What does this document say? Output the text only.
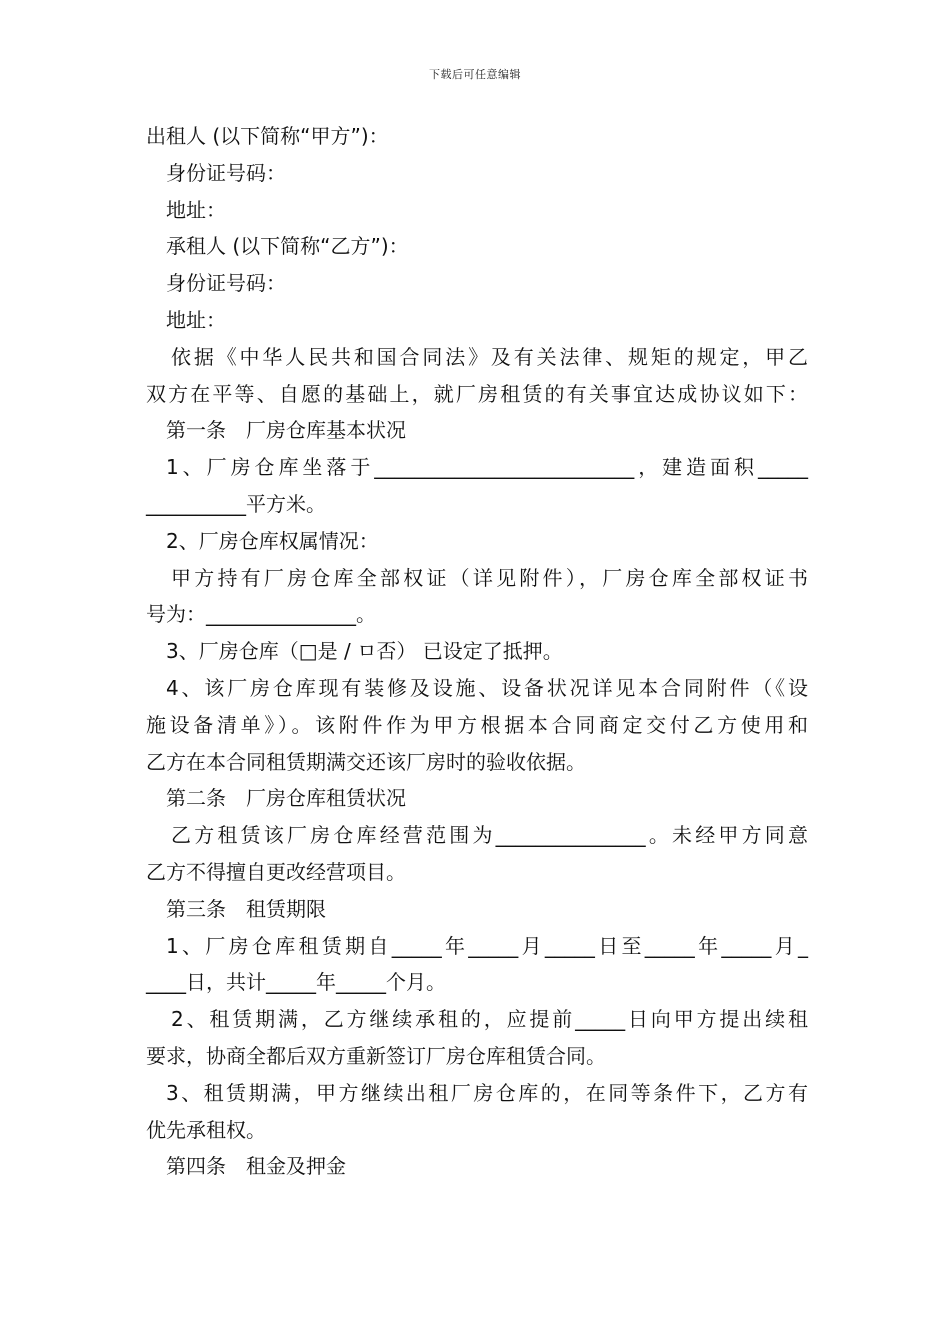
下载后可任意编辑

出租人 (以下简称“甲方”)：

身份证号码：

地址：

承租人 (以下简称“乙方”)：

身份证号码：

地址：

依据《中华人民共和国合同法》及有关法律、规矩的规定，甲乙

双方在平等、自愿的基础上，就厂房租赁的有关事宜达成协议如下：

第一条　厂房仓库基本状况

1、厂房仓库坐落于__________________________，建造面积_____

__________平方米。

2、厂房仓库权属情况：

甲方持有厂房仓库全部权证（详见附件），厂房仓库全部权证书

号为：_______________。

3、厂房仓库（□是 / ㅁ否） 已设定了抵押。

4、该厂房仓库现有装修及设施、设备状况详见本合同附件（《设

施设备清单》）。该附件作为甲方根据本合同商定交付乙方使用和

乙方在本合同租赁期满交还该厂房时的验收依据。

第二条　厂房仓库租赁状况

乙方租赁该厂房仓库经营范围为_______________。未经甲方同意

乙方不得擅自更改经营项目。

第三条　租赁期限

1、厂房仓库租赁期自_____年_____月_____日至_____年_____月_

____日，共计_____年_____个月。

2、租赁期满，乙方继续承租的，应提前_____日向甲方提出续租

要求，协商全都后双方重新签订厂房仓库租赁合同。

3、租赁期满，甲方继续出租厂房仓库的，在同等条件下，乙方有

优先承租权。

第四条　租金及押金
